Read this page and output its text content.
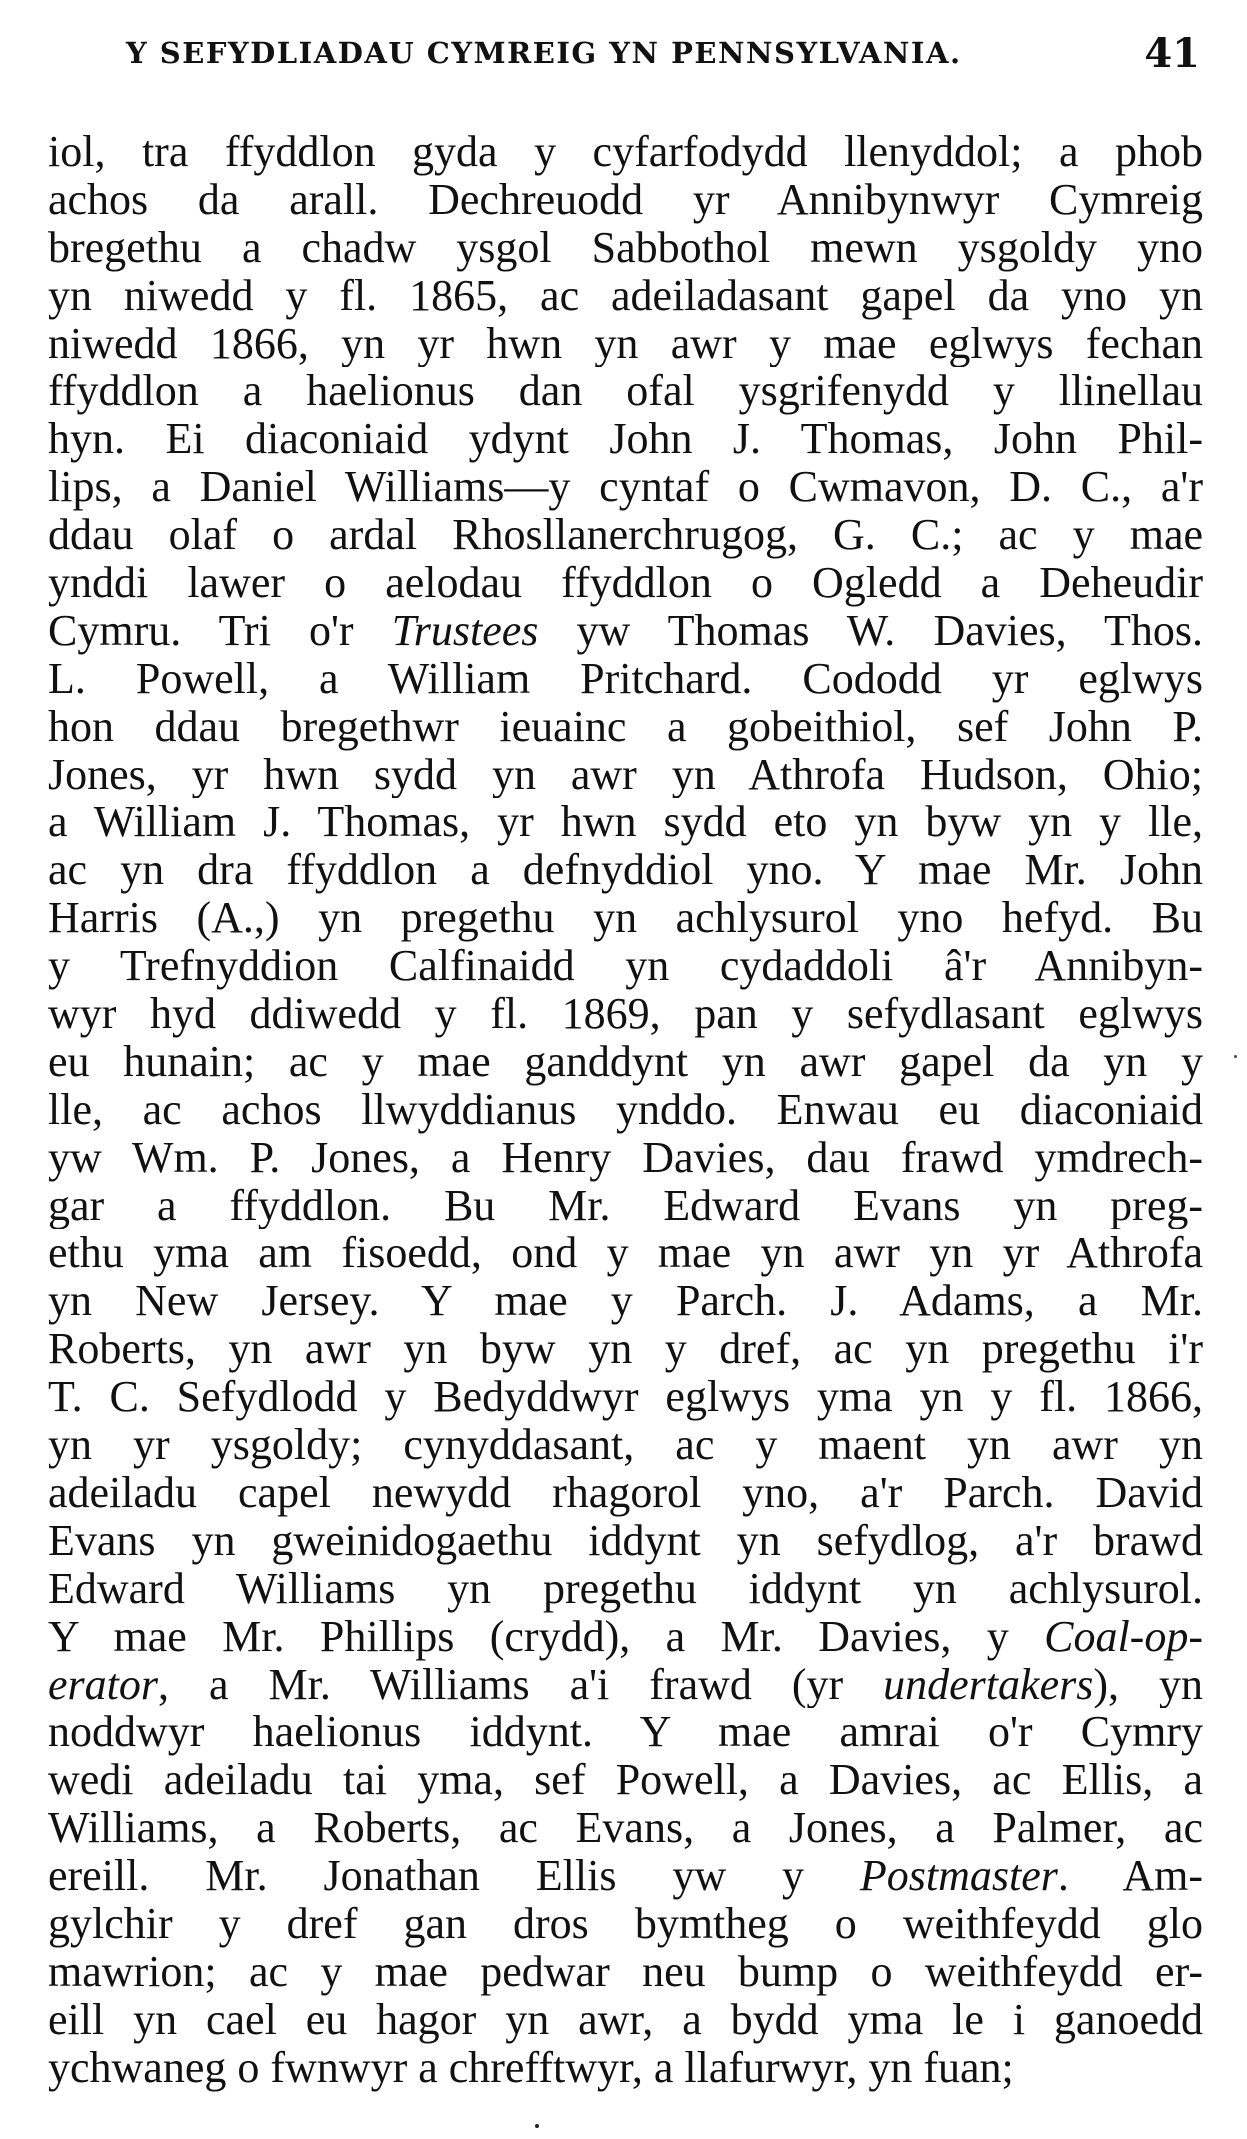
Y SEFYDLIADAU CYMREIG YN PENNSYLVANIA.	41
iol, tra ffyddlon gyda y cyfarfodydd llenyddol; a phob
achos da arall. Dechreuodd yr Annibynwyr Cymreig
bregethu a chadw ysgol Sabbothol mewn ysgoldy yno
yn niwedd y fl. 1865, ac adeiladasant gapel da yno yn
niwedd 1866, yn yr hwn yn awr y mae eglwys fechan
ffyddlon a haelionus dan ofal ysgrifenydd y llinellau
hyn. Ei diaconiaid ydynt John J. Thomas, John Phil-
lips, a Daniel Williams—y cyntaf o Cwmavon, D. C., a'r
ddau olaf o ardal Rhosllanerchrugog, G. C.; ac y mae
ynddi lawer o aelodau ffyddlon o Ogledd a Deheudir
Cymru. Tri o'r Trustees yw Thomas W. Davies, Thos.
L. Powell, a William Pritchard. Cododd yr eglwys
hon ddau bregethwr ieuainc a gobeithiol, sef John P.
Jones, yr hwn sydd yn awr yn Athrofa Hudson, Ohio;
a William J. Thomas, yr hwn sydd eto yn byw yn y lle,
ac yn dra ffyddlon a defnyddiol yno. Y mae Mr. John
Harris (A.,) yn pregethu yn achlysurol yno hefyd. Bu
y Trefnyddion Calfinaidd yn cydaddoli â'r Annibyn-
wyr hyd ddiwedd y fl. 1869, pan y sefydlasant eglwys
eu hunain; ac y mae ganddynt yn awr gapel da yn y
lle, ac achos llwyddianus ynddo. Enwau eu diaconiaid
yw Wm. P. Jones, a Henry Davies, dau frawd ymdrech-
gar a ffyddlon. Bu Mr. Edward Evans yn preg-
ethu yma am fisoedd, ond y mae yn awr yn yr Athrofa
yn New Jersey. Y mae y Parch. J. Adams, a Mr.
Roberts, yn awr yn byw yn y dref, ac yn pregethu i'r
T. C. Sefydlodd y Bedyddwyr eglwys yma yn y fl. 1866,
yn yr ysgoldy; cynyddasant, ac y maent yn awr yn
adeiladu capel newydd rhagorol yno, a'r Parch. David
Evans yn gweinidogaethu iddynt yn sefydlog, a'r brawd
Edward Williams yn pregethu iddynt yn achlysurol.
Y mae Mr. Phillips (crydd), a Mr. Davies, y Coal-op-
erator, a Mr. Williams a'i frawd (yr undertakers), yn
noddwyr haelionus iddynt. Y mae amrai o'r Cymry
wedi adeiladu tai yma, sef Powell, a Davies, ac Ellis, a
Williams, a Roberts, ac Evans, a Jones, a Palmer, ac
ereill. Mr. Jonathan Ellis yw y Postmaster. Am-
gylchir y dref gan dros bymtheg o weithfeydd glo
mawrion; ac y mae pedwar neu bump o weithfeydd er-
eill yn cael eu hagor yn awr, a bydd yma le i ganoedd
ychwaneg o fwnwyr a chrefftwyr, a llafurwyr, yn fuan;
